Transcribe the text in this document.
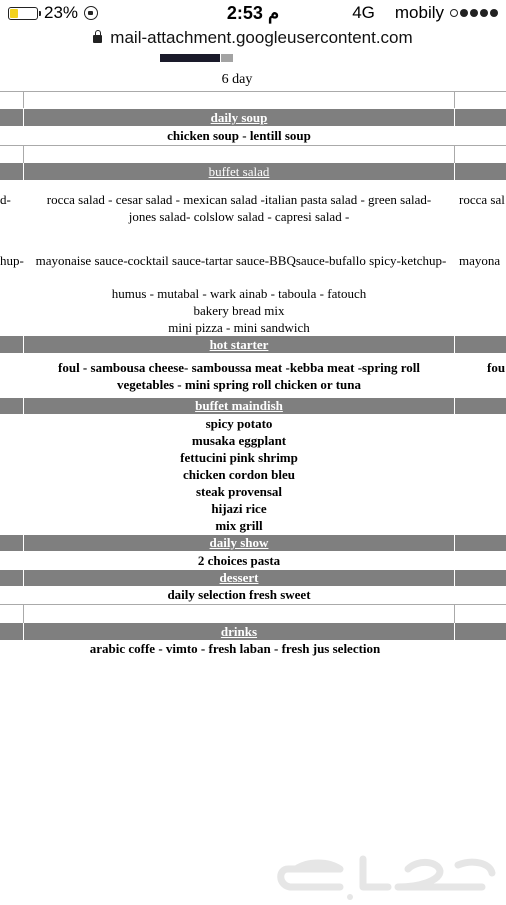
23%	2:53 م	4G mobily
mail-attachment.googleusercontent.com
6 day
daily soup
chicken soup - lentill soup
buffet salad
d-	rocca salad - cesar salad - mexican salad -italian pasta salad - green salad-	rocca sal
jones salad- colslow salad - capresi salad -
hup- mayonaise sauce-cocktail sauce-tartar sauce-BBQsauce-bufallo spicy-ketchup- mayona
humus - mutabal - wark ainab - taboula - fatouch
bakery bread mix
mini pizza - mini sandwich
hot starter
foul - sambousa cheese- samboussa meat -kebba meat -spring roll	fou
vegetables - mini spring roll chicken or tuna
buffet maindish
spicy potato
musaka eggplant
fettucini pink shrimp
chicken cordon bleu
steak provensal
hijazi rice
mix grill
daily show
2 choices pasta
dessert
daily selection fresh sweet
drinks
arabic coffe - vimto - fresh laban - fresh jus selection
